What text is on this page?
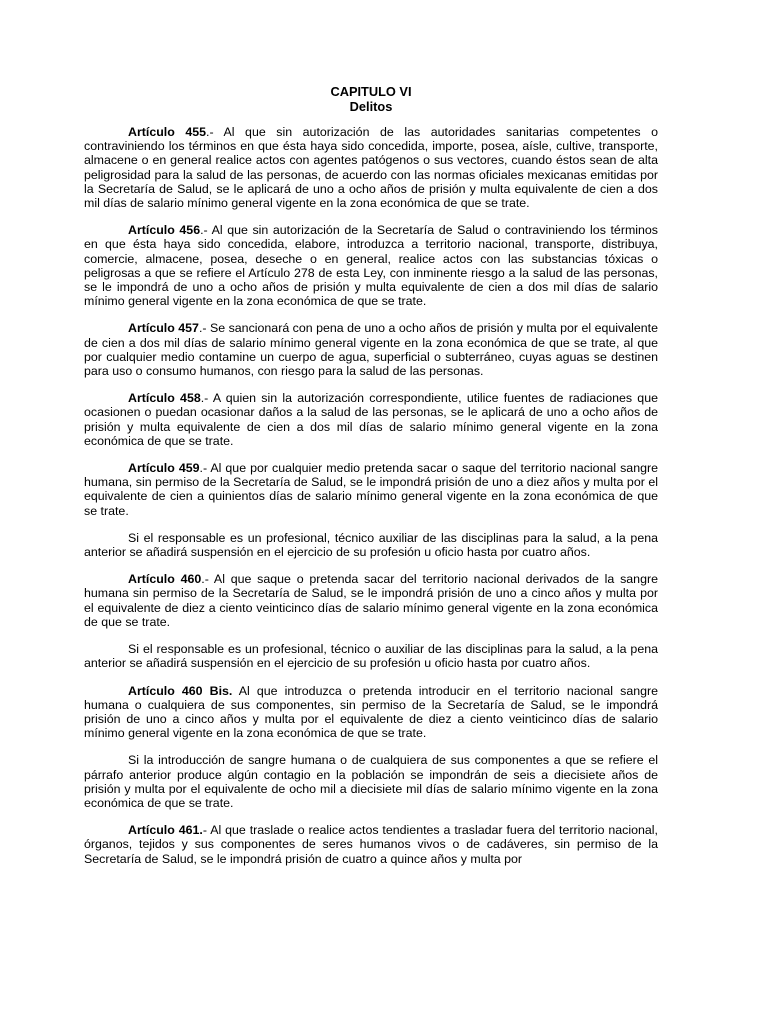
CAPITULO VI
Delitos

Artículo 455.- Al que sin autorización de las autoridades sanitarias competentes o contraviniendo los términos en que ésta haya sido concedida, importe, posea, aísle, cultive, transporte, almacene o en general realice actos con agentes patógenos o sus vectores, cuando éstos sean de alta peligrosidad para la salud de las personas, de acuerdo con las normas oficiales mexicanas emitidas por la Secretaría de Salud, se le aplicará de uno a ocho años de prisión y multa equivalente de cien a dos mil días de salario mínimo general vigente en la zona económica de que se trate.

Artículo 456.- Al que sin autorización de la Secretaría de Salud o contraviniendo los términos en que ésta haya sido concedida, elabore, introduzca a territorio nacional, transporte, distribuya, comercie, almacene, posea, deseche o en general, realice actos con las substancias tóxicas o peligrosas a que se refiere el Artículo 278 de esta Ley, con inminente riesgo a la salud de las personas, se le impondrá de uno a ocho años de prisión y multa equivalente de cien a dos mil días de salario mínimo general vigente en la zona económica de que se trate.

Artículo 457.- Se sancionará con pena de uno a ocho años de prisión y multa por el equivalente de cien a dos mil días de salario mínimo general vigente en la zona económica de que se trate, al que por cualquier medio contamine un cuerpo de agua, superficial o subterráneo, cuyas aguas se destinen para uso o consumo humanos, con riesgo para la salud de las personas.

Artículo 458.- A quien sin la autorización correspondiente, utilice fuentes de radiaciones que ocasionen o puedan ocasionar daños a la salud de las personas, se le aplicará de uno a ocho años de prisión y multa equivalente de cien a dos mil días de salario mínimo general vigente en la zona económica de que se trate.

Artículo 459.- Al que por cualquier medio pretenda sacar o saque del territorio nacional sangre humana, sin permiso de la Secretaría de Salud, se le impondrá prisión de uno a diez años y multa por el equivalente de cien a quinientos días de salario mínimo general vigente en la zona económica de que se trate.

Si el responsable es un profesional, técnico auxiliar de las disciplinas para la salud, a la pena anterior se añadirá suspensión en el ejercicio de su profesión u oficio hasta por cuatro años.

Artículo 460.- Al que saque o pretenda sacar del territorio nacional derivados de la sangre humana sin permiso de la Secretaría de Salud, se le impondrá prisión de uno a cinco años y multa por el equivalente de diez a ciento veinticinco días de salario mínimo general vigente en la zona económica de que se trate.

Si el responsable es un profesional, técnico o auxiliar de las disciplinas para la salud, a la pena anterior se añadirá suspensión en el ejercicio de su profesión u oficio hasta por cuatro años.

Artículo 460 Bis. Al que introduzca o pretenda introducir en el territorio nacional sangre humana o cualquiera de sus componentes, sin permiso de la Secretaría de Salud, se le impondrá prisión de uno a cinco años y multa por el equivalente de diez a ciento veinticinco días de salario mínimo general vigente en la zona económica de que se trate.

Si la introducción de sangre humana o de cualquiera de sus componentes a que se refiere el párrafo anterior produce algún contagio en la población se impondrán de seis a diecisiete años de prisión y multa por el equivalente de ocho mil a diecisiete mil días de salario mínimo vigente en la zona económica de que se trate.

Artículo 461.- Al que traslade o realice actos tendientes a trasladar fuera del territorio nacional, órganos, tejidos y sus componentes de seres humanos vivos o de cadáveres, sin permiso de la Secretaría de Salud, se le impondrá prisión de cuatro a quince años y multa por
